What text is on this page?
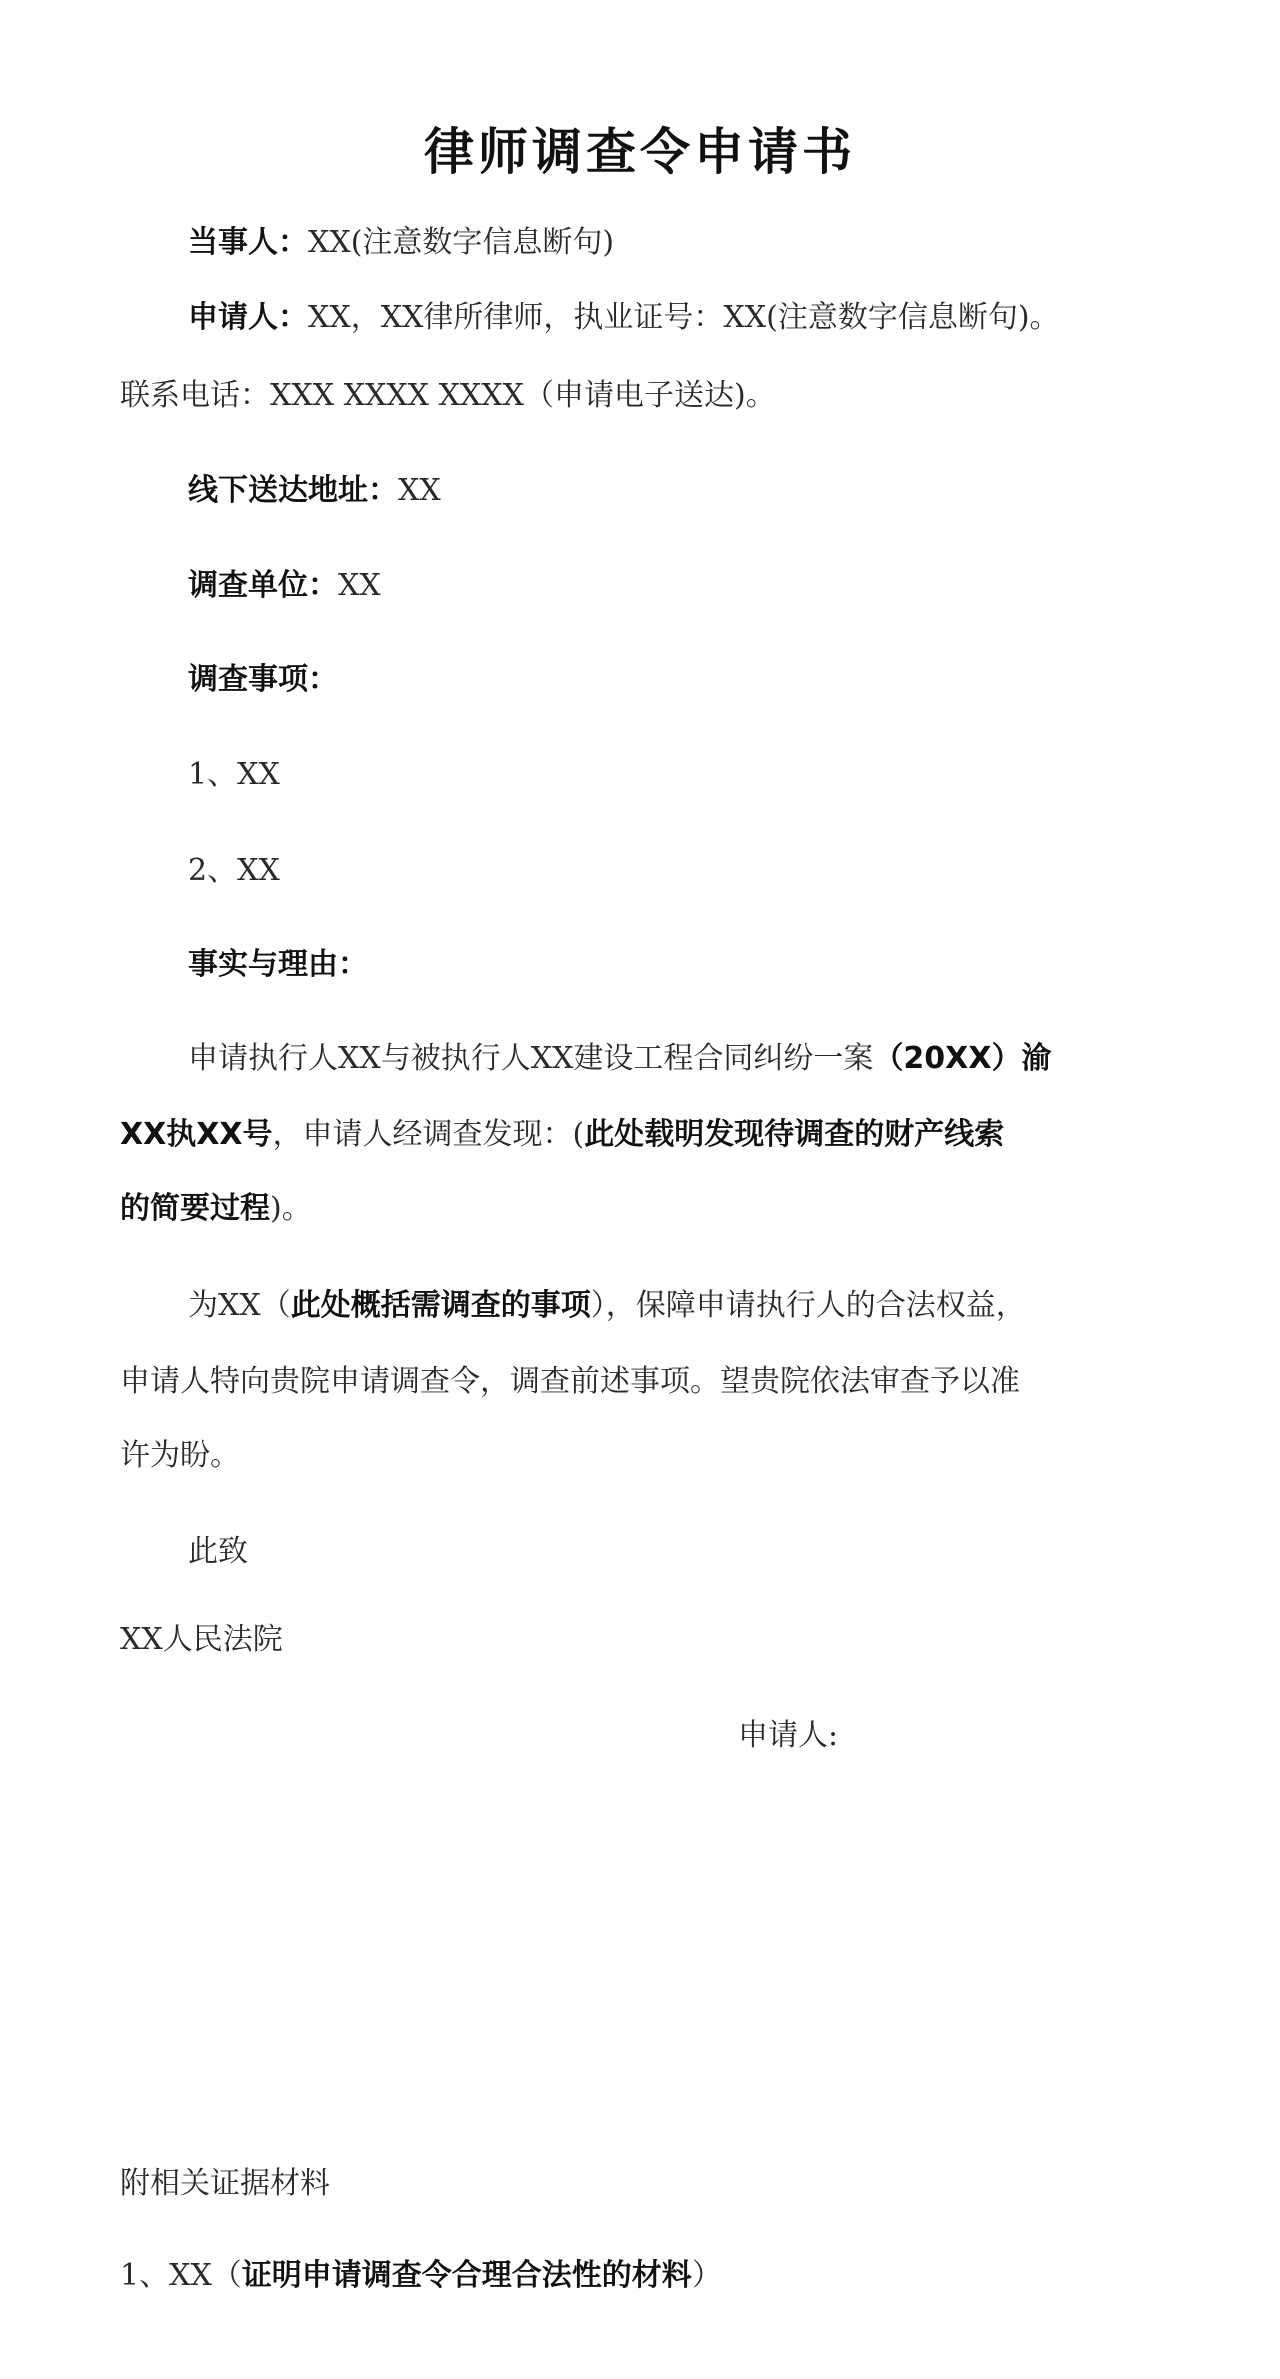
律师调查令申请书
当事人：XX(注意数字信息断句)
申请人：XX，XX律所律师，执业证号：XX(注意数字信息断句)。
联系电话：XXX XXXX XXXX（申请电子送达)。
线下送达地址：XX
调查单位：XX
调查事项：
1、XX
2、XX
事实与理由：
申请执行人XX与被执行人XX建设工程合同纠纷一案（20XX）渝
XX执XX号，申请人经调查发现：(此处载明发现待调查的财产线索
的简要过程)。
为XX（此处概括需调查的事项），保障申请执行人的合法权益，
申请人特向贵院申请调查令，调查前述事项。望贵院依法审查予以准
许为盼。
此致
XX人民法院
申请人:
附相关证据材料
1、XX（证明申请调查令合理合法性的材料）
